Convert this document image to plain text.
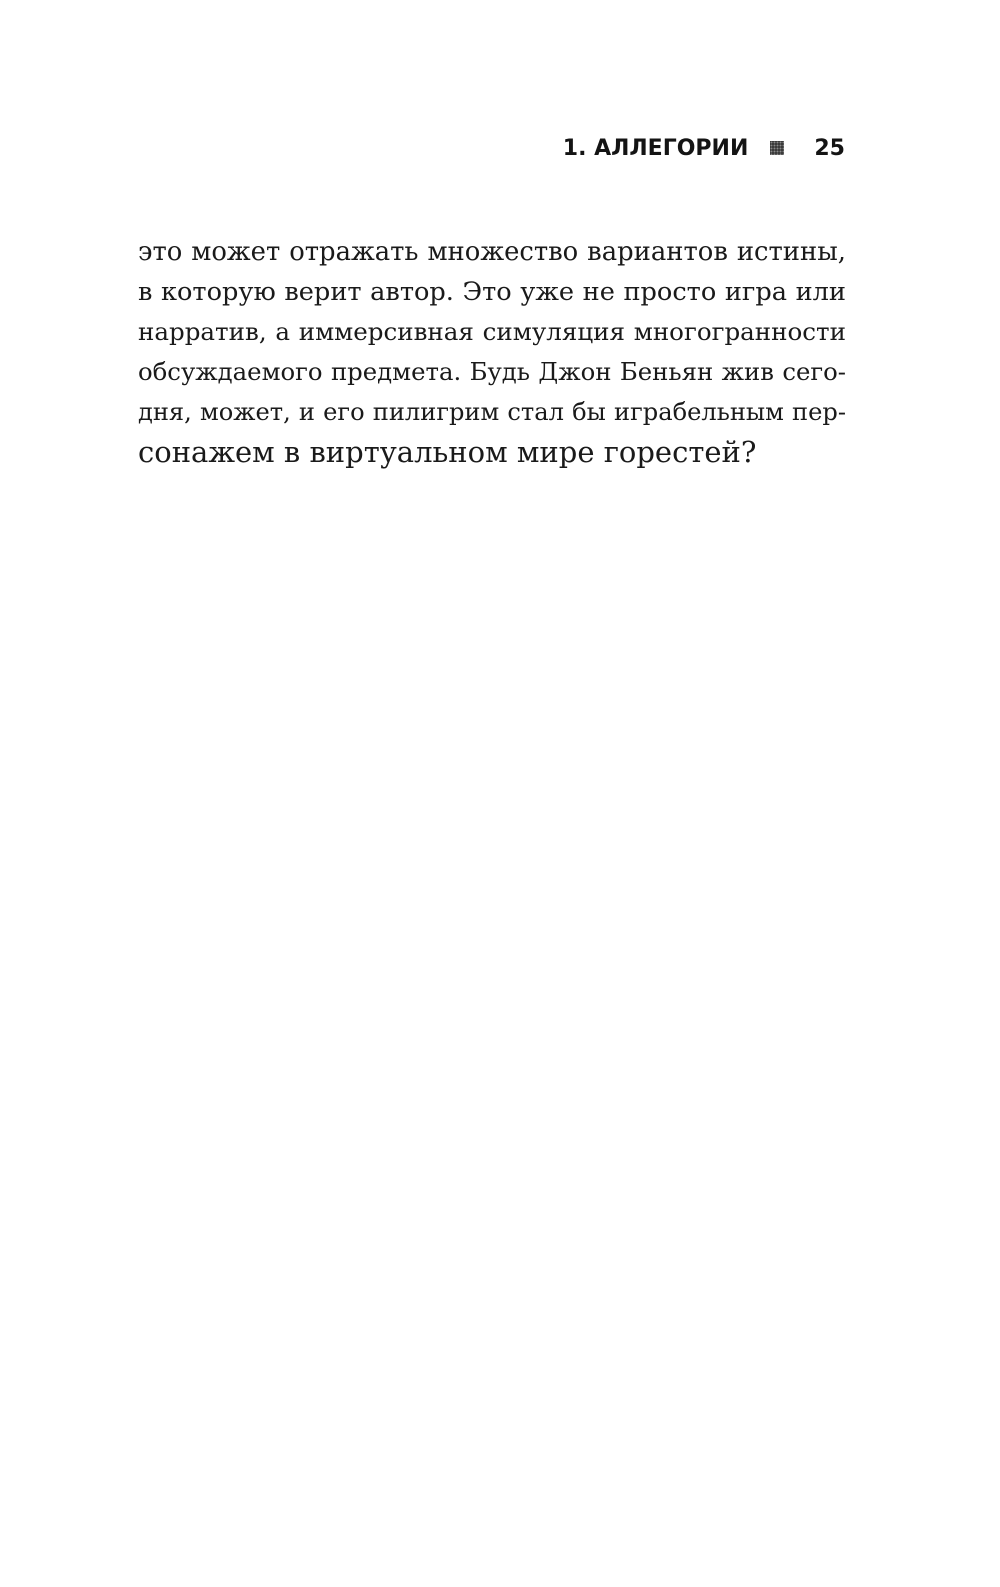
1. АЛЛЕГОРИИ	25
это может отражать множество вариантов истины,
в которую верит автор. Это уже не просто игра или
нарратив, а иммерсивная симуляция многогранности
обсуждаемого предмета. Будь Джон Беньян жив сего-
дня, может, и его пилигрим стал бы играбельным пер-
сонажем в виртуальном мире горестей?
